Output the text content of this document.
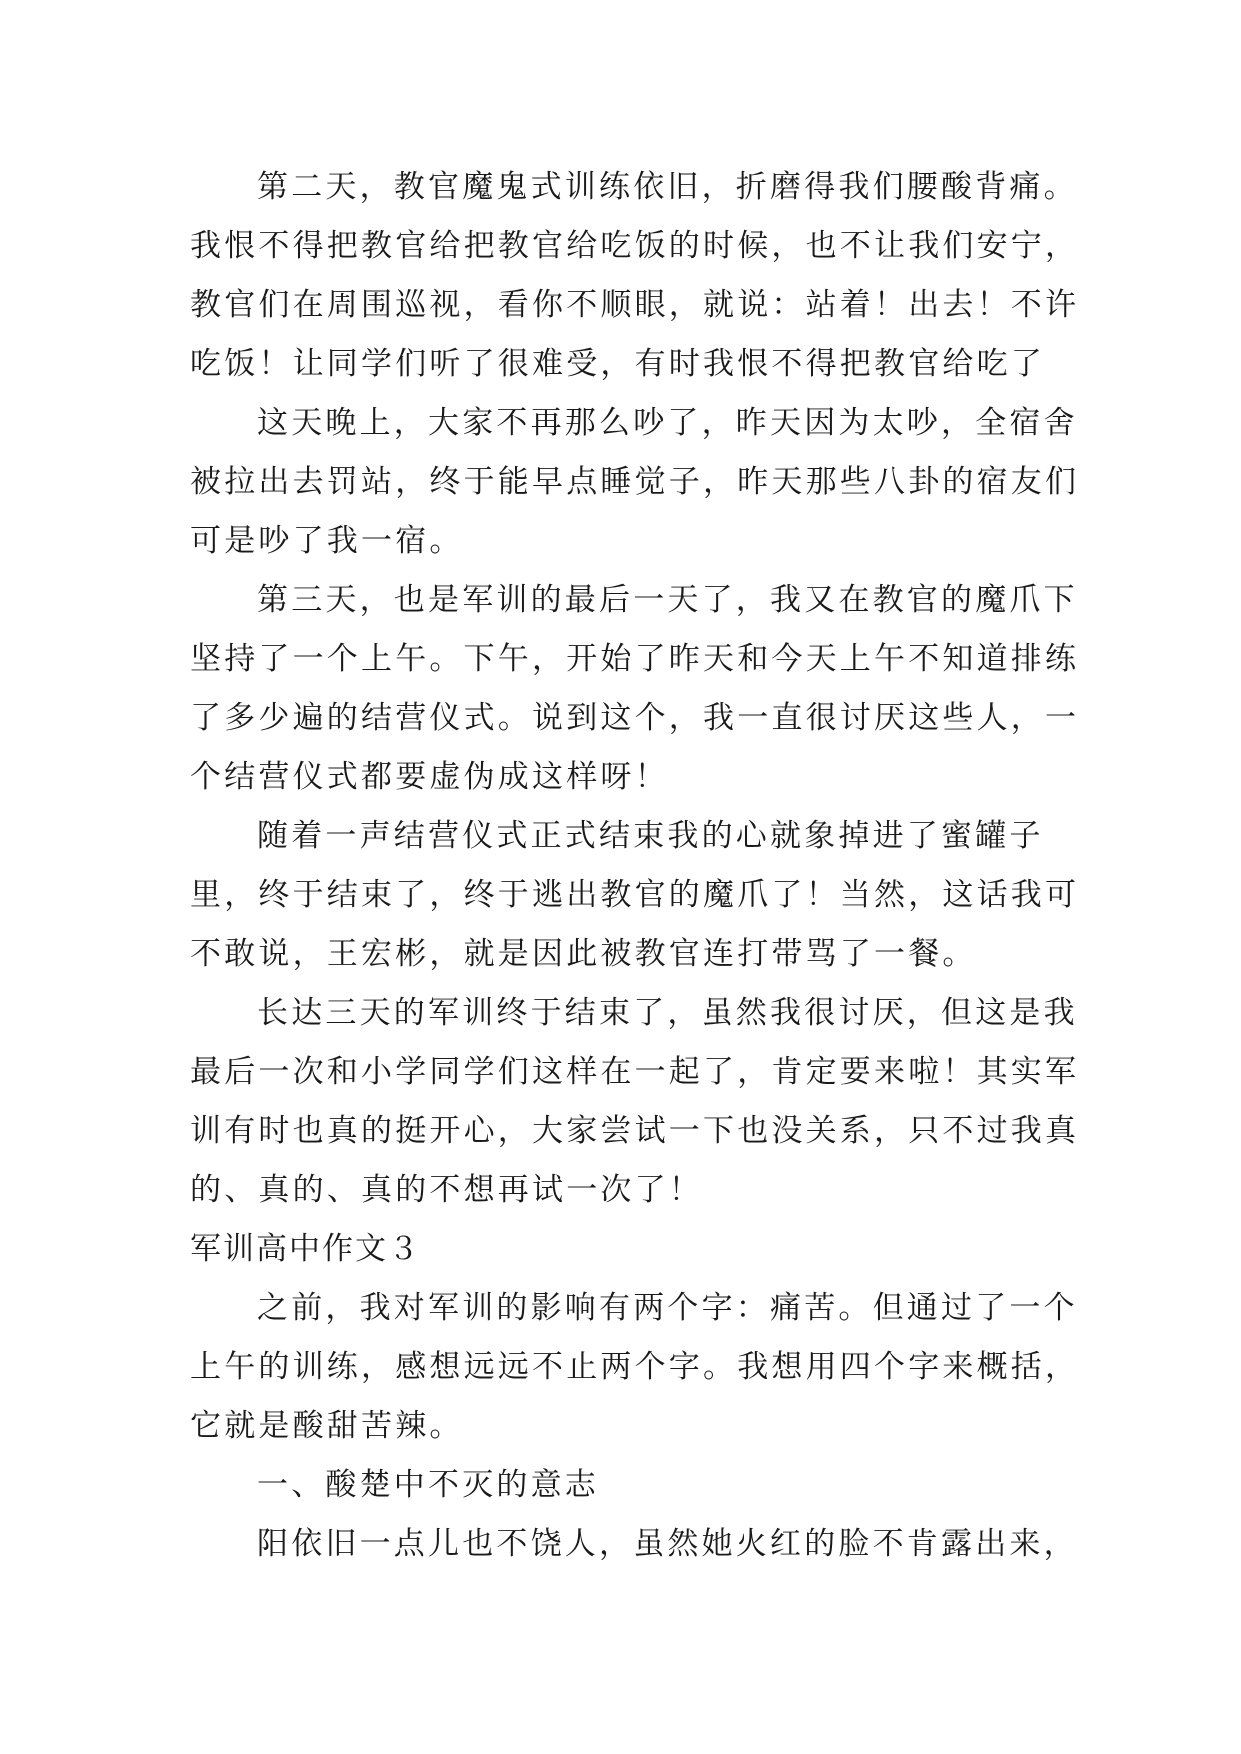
第二天，教官魔鬼式训练依旧，折磨得我们腰酸背痛。
我恨不得把教官给把教官给吃饭的时候，也不让我们安宁，
教官们在周围巡视，看你不顺眼，就说：站着！出去！不许
吃饭！让同学们听了很难受，有时我恨不得把教官给吃了
这天晚上，大家不再那么吵了，昨天因为太吵，全宿舍
被拉出去罚站，终于能早点睡觉子，昨天那些八卦的宿友们
可是吵了我一宿。
第三天，也是军训的最后一天了，我又在教官的魔爪下
坚持了一个上午。下午，开始了昨天和今天上午不知道排练
了多少遍的结营仪式。说到这个，我一直很讨厌这些人，一
个结营仪式都要虚伪成这样呀！
随着一声结营仪式正式结束我的心就象掉进了蜜罐子
里，终于结束了，终于逃出教官的魔爪了！当然，这话我可
不敢说，王宏彬，就是因此被教官连打带骂了一餐。
长达三天的军训终于结束了，虽然我很讨厌，但这是我
最后一次和小学同学们这样在一起了，肯定要来啦！其实军
训有时也真的挺开心，大家尝试一下也没关系，只不过我真
的、真的、真的不想再试一次了！
军训高中作文３
之前，我对军训的影响有两个字：痛苦。但通过了一个
上午的训练，感想远远不止两个字。我想用四个字来概括，
它就是酸甜苦辣。
一、酸楚中不灭的意志
阳依旧一点儿也不饶人，虽然她火红的脸不肯露出来，
